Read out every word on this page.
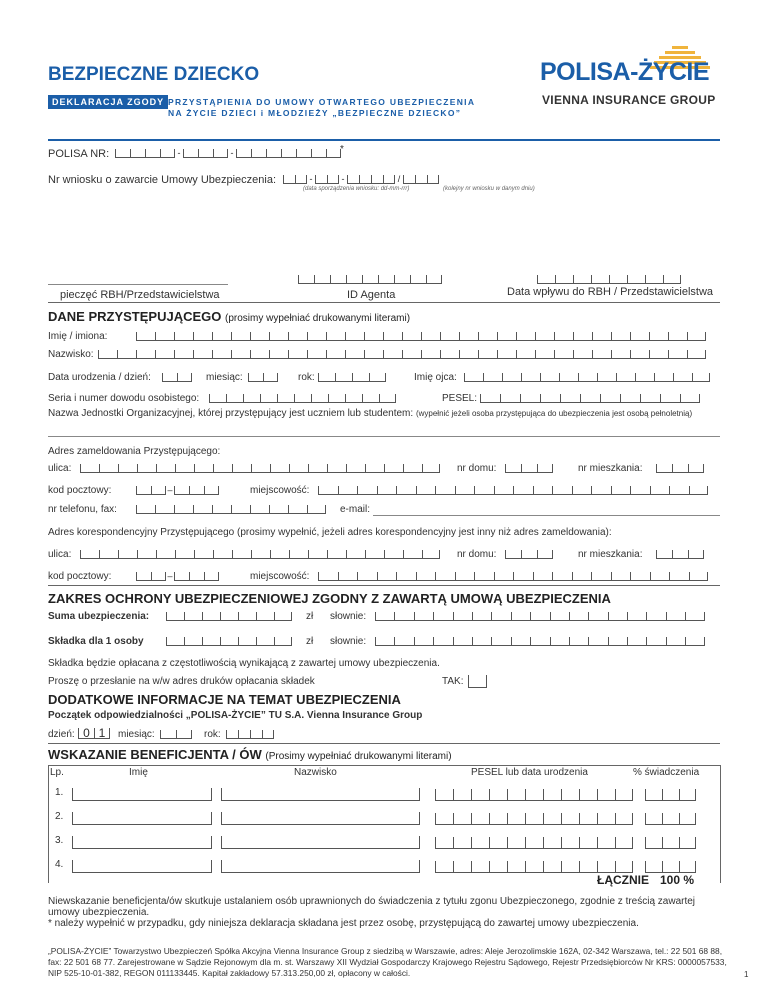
BEZPIECZNE DZIECKO
DEKLARACJA ZGODY PRZYSTĄPIENIA DO UMOWY OTWARTEGO UBEZPIECZENIA
NA ŻYCIE DZIECI i MŁODZIEŻY „BEZPIECZNE DZIECKO”
POLISA-ŻYCIE
VIENNA INSURANCE GROUP
POLISA NR:	-	-	*
Nr wniosku o zawarcie Umowy Ubezpieczenia:	-	-	/
(data sporządzenia wniosku: dd-mm-rrr)	(kolejny nr wniosku w danym dniu)
pieczęć RBH/Przedstawicielstwa	ID Agenta	Data wpływu do RBH / Przedstawicielstwa
DANE PRZYSTĘPUJĄCEGO (prosimy wypełniać drukowanymi literami)
Imię / imiona:
Nazwisko:
Data urodzenia / dzień:	miesiąc:	rok:	Imię ojca:
Seria i numer dowodu osobistego:	PESEL:
Nazwa Jednostki Organizacyjnej, której przystępujący jest uczniem lub studentem: (wypełnić jeżeli osoba przystępująca do ubezpieczenia jest osobą pełnoletnią)
Adres zameldowania Przystępującego:
ulica:	nr domu:	nr mieszkania:
kod pocztowy:	–	miejscowość:
nr telefonu, fax:	e-mail:
Adres korespondencyjny Przystępującego (prosimy wypełnić, jeżeli adres korespondencyjny jest inny niż adres zameldowania):
ulica:	nr domu:	nr mieszkania:
kod pocztowy:	–	miejscowość:
ZAKRES OCHRONY UBEZPIECZENIOWEJ ZGODNY Z ZAWARTĄ UMOWĄ UBEZPIECZENIA
Suma ubezpieczenia:	zł słownie:
Składka dla 1 osoby	zł słownie:
Składka będzie opłacana z częstotliwością wynikającą z zawartej umowy ubezpieczenia.
Proszę o przesłanie na w/w adres druków opłacania składek	TAK:
DODATKOWE INFORMACJE NA TEMAT UBEZPIECZENIA
Początek odpowiedzialności „POLISA-ŻYCIE” TU S.A. Vienna Insurance Group
dzień: 0 1	miesiąc:	rok:
WSKAZANIE BENEFICJENTA / ÓW (Prosimy wypełniać drukowanymi literami)
Lp.	Imię	Nazwisko	PESEL lub data urodzenia	% świadczenia
1.
2.
3.
4.
ŁĄCZNIE 100 %
Niewskazanie beneficjenta/ów skutkuje ustalaniem osób uprawnionych do świadczenia z tytułu zgonu Ubezpieczonego, zgodnie z treścią zawartej
umowy ubezpieczenia.
* należy wypełnić w przypadku, gdy niniejsza deklaracja składana jest przez osobę, przystępującą do zawartej umowy ubezpieczenia.
„POLISA-ŻYCIE” Towarzystwo Ubezpieczeń Spółka Akcyjna Vienna Insurance Group z siedzibą w Warszawie, adres: Aleje Jerozolimskie 162A, 02-342 Warszawa, tel.: 22 501 68 88,
fax: 22 501 68 77. Zarejestrowane w Sądzie Rejonowym dla m. st. Warszawy XII Wydział Gospodarczy Krajowego Rejestru Sądowego, Rejestr Przedsiębiorców Nr KRS: 0000057533,
NIP 525-10-01-382, REGON 011133445. Kapitał zakładowy 57.313.250,00 zł, opłacony w całości.	1
